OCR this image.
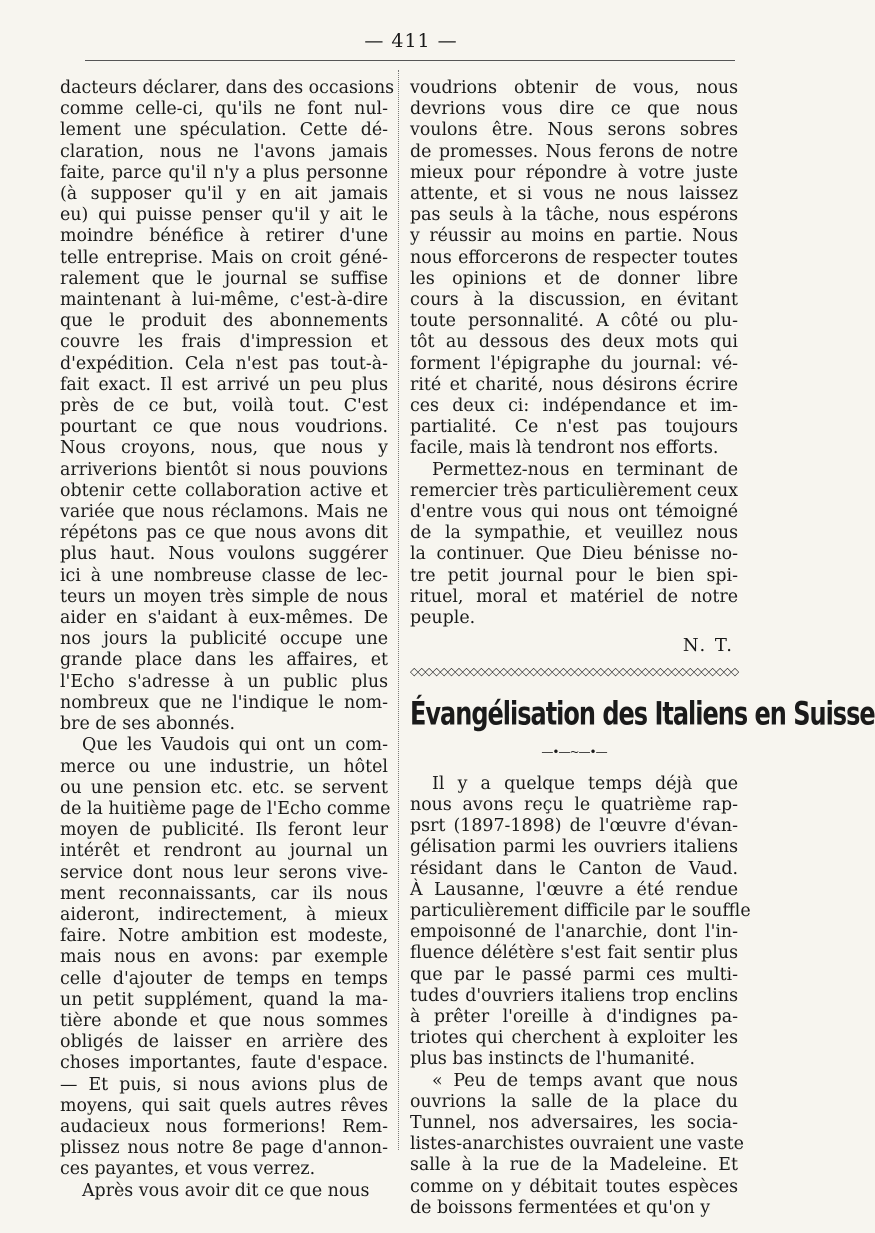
— 411 —
dacteurs déclarer, dans des occasions
comme celle-ci, qu'ils ne font nul-
lement une spéculation. Cette dé-
claration, nous ne l'avons jamais
faite, parce qu'il n'y a plus personne
(à supposer qu'il y en ait jamais
eu) qui puisse penser qu'il y ait le
moindre bénéfice à retirer d'une
telle entreprise. Mais on croit géné-
ralement que le journal se suffise
maintenant à lui-même, c'est-à-dire
que le produit des abonnements
couvre les frais d'impression et
d'expédition. Cela n'est pas tout-à-
fait exact. Il est arrivé un peu plus
près de ce but, voilà tout. C'est
pourtant ce que nous voudrions.
Nous croyons, nous, que nous y
arriverions bientôt si nous pouvions
obtenir cette collaboration active et
variée que nous réclamons. Mais ne
répétons pas ce que nous avons dit
plus haut. Nous voulons suggérer
ici à une nombreuse classe de lec-
teurs un moyen très simple de nous
aider en s'aidant à eux-mêmes. De
nos jours la publicité occupe une
grande place dans les affaires, et
l'Echo s'adresse à un public plus
nombreux que ne l'indique le nom-
bre de ses abonnés.
Que les Vaudois qui ont un com-
merce ou une industrie, un hôtel
ou une pension etc. etc. se servent
de la huitième page de l'Echo comme
moyen de publicité. Ils feront leur
intérêt et rendront au journal un
service dont nous leur serons vive-
ment reconnaissants, car ils nous
aideront, indirectement, à mieux
faire. Notre ambition est modeste,
mais nous en avons: par exemple
celle d'ajouter de temps en temps
un petit supplément, quand la ma-
tière abonde et que nous sommes
obligés de laisser en arrière des
choses importantes, faute d'espace.
— Et puis, si nous avions plus de
moyens, qui sait quels autres rêves
audacieux nous formerions! Rem-
plissez nous notre 8e page d'annon-
ces payantes, et vous verrez.
Après vous avoir dit ce que nous
voudrions obtenir de vous, nous
devrions vous dire ce que nous
voulons être. Nous serons sobres
de promesses. Nous ferons de notre
mieux pour répondre à votre juste
attente, et si vous ne nous laissez
pas seuls à la tâche, nous espérons
y réussir au moins en partie. Nous
nous efforcerons de respecter toutes
les opinions et de donner libre
cours à la discussion, en évitant
toute personnalité. A côté ou plu-
tôt au dessous des deux mots qui
forment l'épigraphe du journal: vé-
rité et charité, nous désirons écrire
ces deux ci: indépendance et im-
partialité. Ce n'est pas toujours
facile, mais là tendront nos efforts.
Permettez-nous en terminant de
remercier très particulièrement ceux
d'entre vous qui nous ont témoigné
de la sympathie, et veuillez nous
la continuer. Que Dieu bénisse no-
tre petit journal pour le bien spi-
rituel, moral et matériel de notre
peuple.
N. T.
◇◇◇◇◇◇◇◇◇◇◇◇◇◇◇◇◇◇◇◇◇◇◇◇◇◇◇◇◇◇◇◇◇◇◇◇◇◇◇◇◇◇◇◇
Évangélisation des Italiens en Suisse
—•—~—•—
Il y a quelque temps déjà que
nous avons reçu le quatrième rap-
psrt (1897-1898) de l'œuvre d'évan-
gélisation parmi les ouvriers italiens
résidant dans le Canton de Vaud.
À Lausanne, l'œuvre a été rendue
particulièrement difficile par le souffle
empoisonné de l'anarchie, dont l'in-
fluence délétère s'est fait sentir plus
que par le passé parmi ces multi-
tudes d'ouvriers italiens trop enclins
à prêter l'oreille à d'indignes pa-
triotes qui cherchent à exploiter les
plus bas instincts de l'humanité.
« Peu de temps avant que nous
ouvrions la salle de la place du
Tunnel, nos adversaires, les socia-
listes-anarchistes ouvraient une vaste
salle à la rue de la Madeleine. Et
comme on y débitait toutes espèces
de boissons fermentées et qu'on y
